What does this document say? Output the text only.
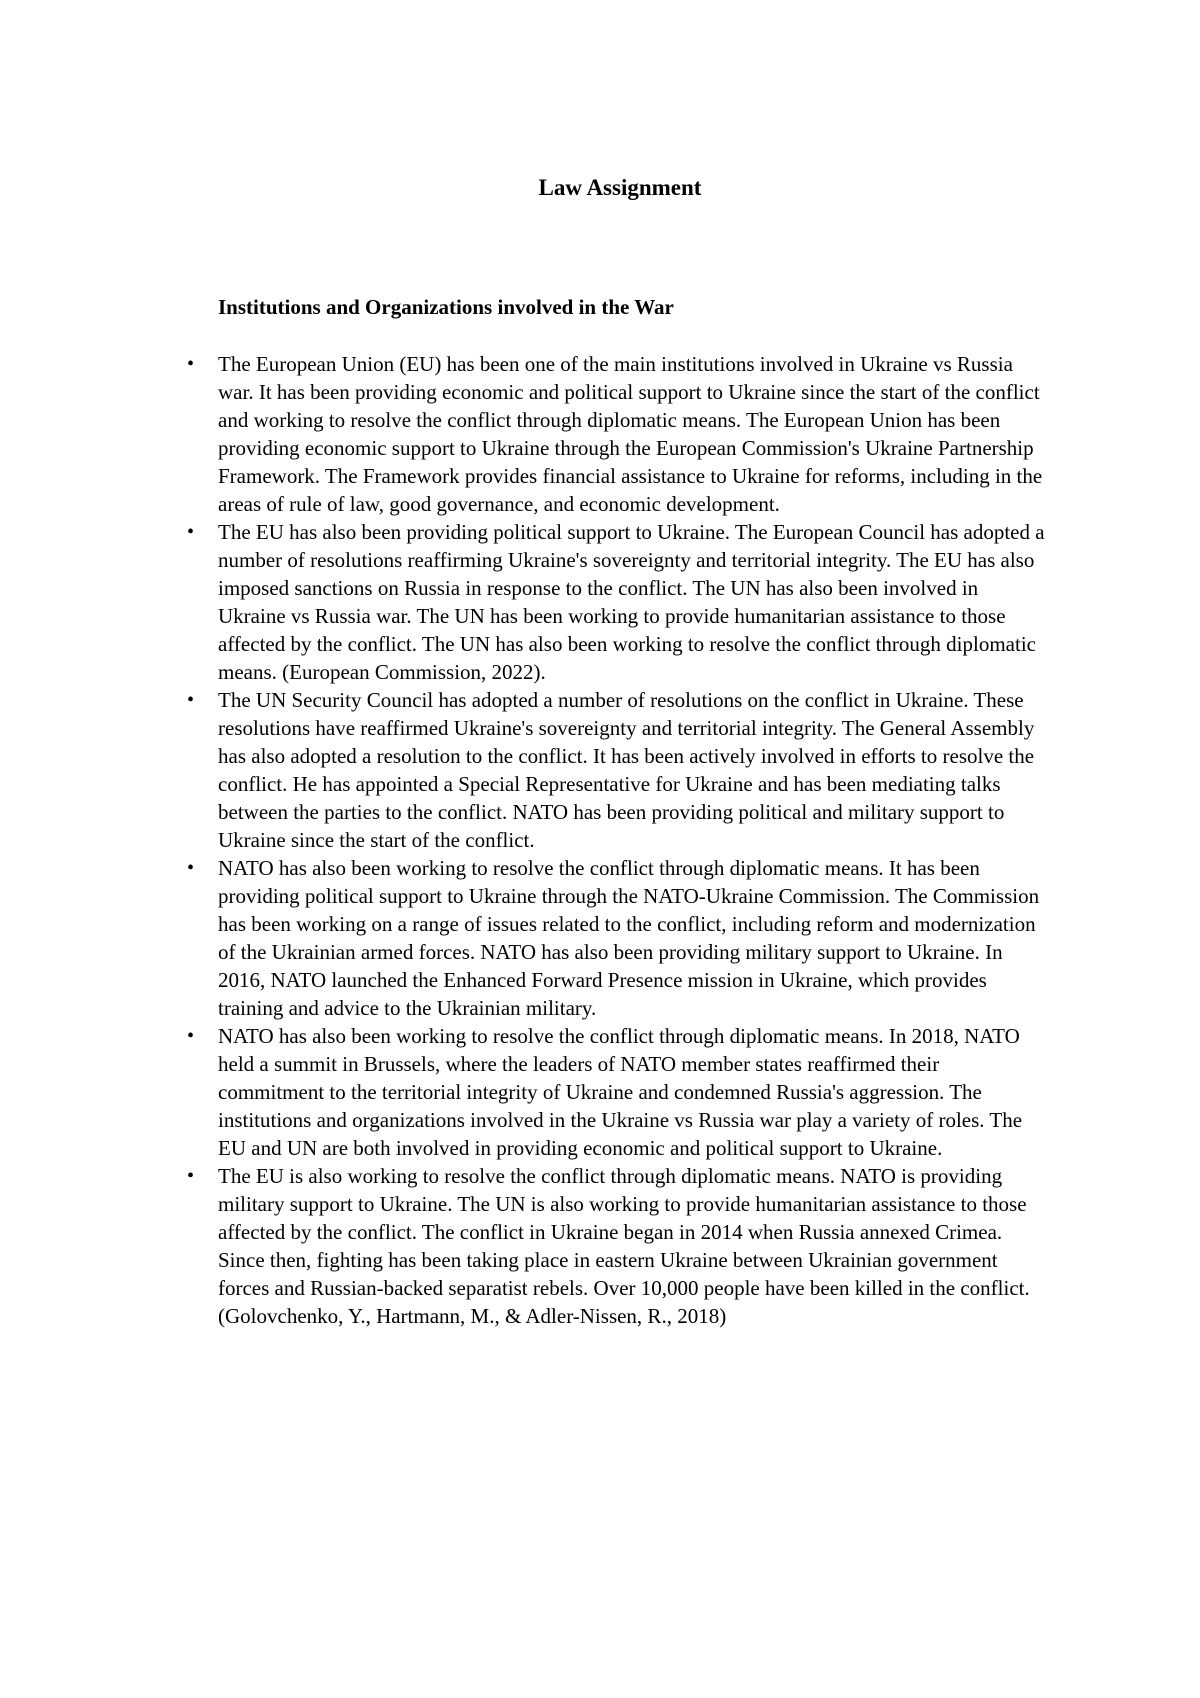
Law Assignment
Institutions and Organizations involved in the War
• The European Union (EU) has been one of the main institutions involved in Ukraine vs Russia war. It has been providing economic and political support to Ukraine since the start of the conflict and working to resolve the conflict through diplomatic means. The European Union has been providing economic support to Ukraine through the European Commission's Ukraine Partnership Framework. The Framework provides financial assistance to Ukraine for reforms, including in the areas of rule of law, good governance, and economic development.
• The EU has also been providing political support to Ukraine. The European Council has adopted a number of resolutions reaffirming Ukraine's sovereignty and territorial integrity. The EU has also imposed sanctions on Russia in response to the conflict. The UN has also been involved in Ukraine vs Russia war. The UN has been working to provide humanitarian assistance to those affected by the conflict. The UN has also been working to resolve the conflict through diplomatic means. (European Commission, 2022).
• The UN Security Council has adopted a number of resolutions on the conflict in Ukraine. These resolutions have reaffirmed Ukraine's sovereignty and territorial integrity. The General Assembly has also adopted a resolution to the conflict. It has been actively involved in efforts to resolve the conflict. He has appointed a Special Representative for Ukraine and has been mediating talks between the parties to the conflict. NATO has been providing political and military support to Ukraine since the start of the conflict.
• NATO has also been working to resolve the conflict through diplomatic means. It has been providing political support to Ukraine through the NATO-Ukraine Commission. The Commission has been working on a range of issues related to the conflict, including reform and modernization of the Ukrainian armed forces. NATO has also been providing military support to Ukraine. In 2016, NATO launched the Enhanced Forward Presence mission in Ukraine, which provides training and advice to the Ukrainian military.
• NATO has also been working to resolve the conflict through diplomatic means. In 2018, NATO held a summit in Brussels, where the leaders of NATO member states reaffirmed their commitment to the territorial integrity of Ukraine and condemned Russia's aggression. The institutions and organizations involved in the Ukraine vs Russia war play a variety of roles. The EU and UN are both involved in providing economic and political support to Ukraine.
• The EU is also working to resolve the conflict through diplomatic means. NATO is providing military support to Ukraine. The UN is also working to provide humanitarian assistance to those affected by the conflict. The conflict in Ukraine began in 2014 when Russia annexed Crimea. Since then, fighting has been taking place in eastern Ukraine between Ukrainian government forces and Russian-backed separatist rebels. Over 10,000 people have been killed in the conflict. (Golovchenko, Y., Hartmann, M., & Adler-Nissen, R., 2018)
